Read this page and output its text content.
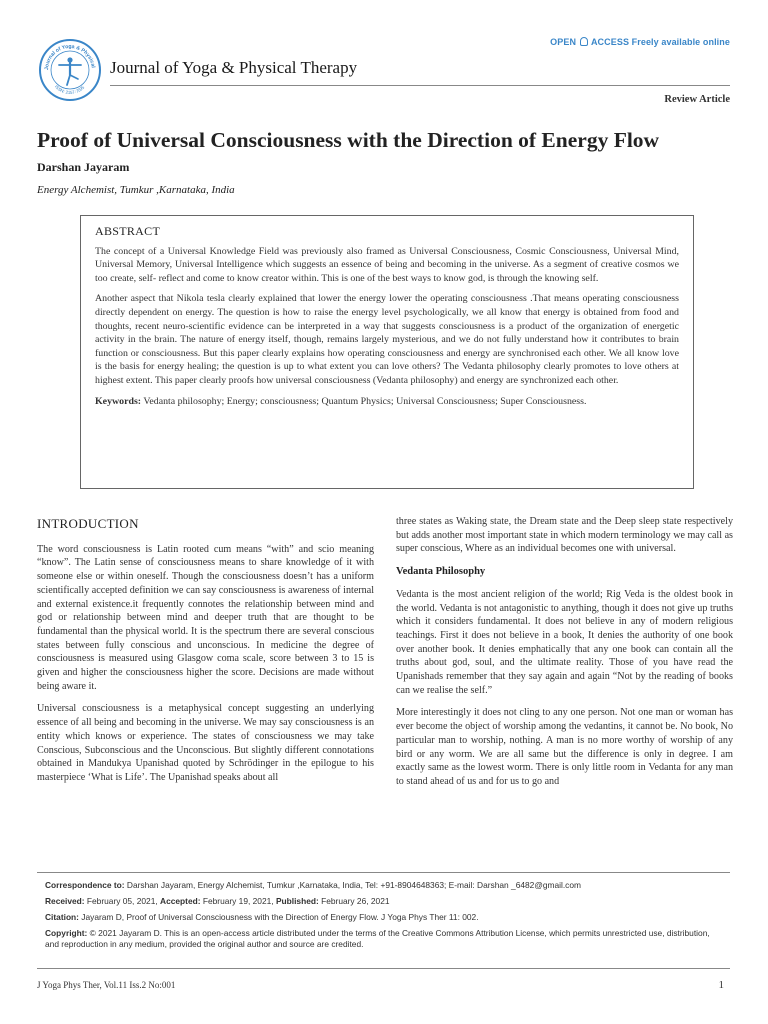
Journal of Yoga & Physical
ISSN: 2157-7595
Journal of Yoga & Physical Therapy
OPEN ACCESS Freely available online
Review Article
Proof of Universal Consciousness with the Direction of Energy Flow
Darshan Jayaram
Energy Alchemist, Tumkur ,Karnataka, India
ABSTRACT

The concept of a Universal Knowledge Field was previously also framed as Universal Consciousness, Cosmic Consciousness, Universal Mind, Universal Memory, Universal Intelligence which suggests an essence of being and becoming in the universe. As a segment of creative cosmos we too create, self- reflect and come to know creator within. This is one of the best ways to know god, is through the knowing self.

Another aspect that Nikola tesla clearly explained that lower the energy lower the operating consciousness .That means operating consciousness directly dependent on energy. The question is how to raise the energy level psychologically, we all know that energy is obtained from food and thoughts, recent neuro-scientific evidence can be interpreted in a way that suggests consciousness is a product of the organization of energetic activity in the brain. The nature of energy itself, though, remains largely mysterious, and we do not fully understand how it contributes to brain function or consciousness. But this paper clearly explains how operating consciousness and energy are synchronised each other. We all know love is the basis for energy healing; the question is up to what extent you can love others? The Vedanta philosophy clearly promotes to love others at highest extent. This paper clearly proofs how universal consciousness (Vedanta philosophy) and energy are synchronized each other.

Keywords: Vedanta philosophy; Energy; consciousness; Quantum Physics; Universal Consciousness; Super Consciousness.

INTRODUCTION

The word consciousness is Latin rooted cum means “with” and scio meaning “know”. The Latin sense of consciousness means to share knowledge of it with someone else or within oneself. Though the consciousness doesn’t has a uniform scientifically accepted definition we can say consciousness is awareness of internal and external existence.it frequently connotes the relationship between mind and god or relationship between mind and deeper truth that are thought to be fundamental than the physical world. It is the spectrum there are several conscious states between fully conscious and unconscious. In medicine the degree of consciousness is measured using Glasgow coma scale, score between 3 to 15 is given and higher the consciousness higher the score. Decisions are made without being aware it.

Universal consciousness is a metaphysical concept suggesting an underlying essence of all being and becoming in the universe. We may say consciousness is an entity which knows or experience. The states of consciousness we may take Conscious, Subconscious and the Unconscious. But slightly different connotations obtained in Mandukya Upanishad quoted by Schrödinger in the epilogue to his masterpiece ‘What is Life’. The Upanishad speaks about all

three states as Waking state, the Dream state and the Deep sleep state respectively but adds another most important state in which modern terminology we may call as super conscious, Where as an individual becomes one with universal.

Vedanta Philosophy

Vedanta is the most ancient religion of the world; Rig Veda is the oldest book in the world. Vedanta is not antagonistic to anything, though it does not give up truths which it considers fundamental. It does not believe in any of modern religious teachings. First it does not believe in a book, It denies the authority of one book over another book. It denies emphatically that any one book can contain all the truths about god, soul, and the ultimate reality. Those of you have read the Upanishads remember that they say again and again “Not by the reading of books can we realise the self.”

More interestingly it does not cling to any one person. Not one man or woman has ever become the object of worship among the vedantins, it cannot be. No book, No particular man to worship, nothing. A man is no more worthy of worship of any bird or any worm. We are all same but the difference is only in degree. I am exactly same as the lowest worm. There is only little room in Vedanta for any man to stand ahead of us and for us to go and

Correspondence to: Darshan Jayaram, Energy Alchemist, Tumkur ,Karnataka, India, Tel: +91-8904648363; E-mail: Darshan _6482@gmail.com

Received: February 05, 2021, Accepted: February 19, 2021, Published: February 26, 2021

Citation: Jayaram D, Proof of Universal Consciousness with the Direction of Energy Flow. J Yoga Phys Ther 11: 002.

Copyright: © 2021 Jayaram D. This is an open-access article distributed under the terms of the Creative Commons Attribution License, which permits unrestricted use, distribution, and reproduction in any medium, provided the original author and source are credited.

J Yoga Phys Ther, Vol.11 Iss.2 No:001	1
